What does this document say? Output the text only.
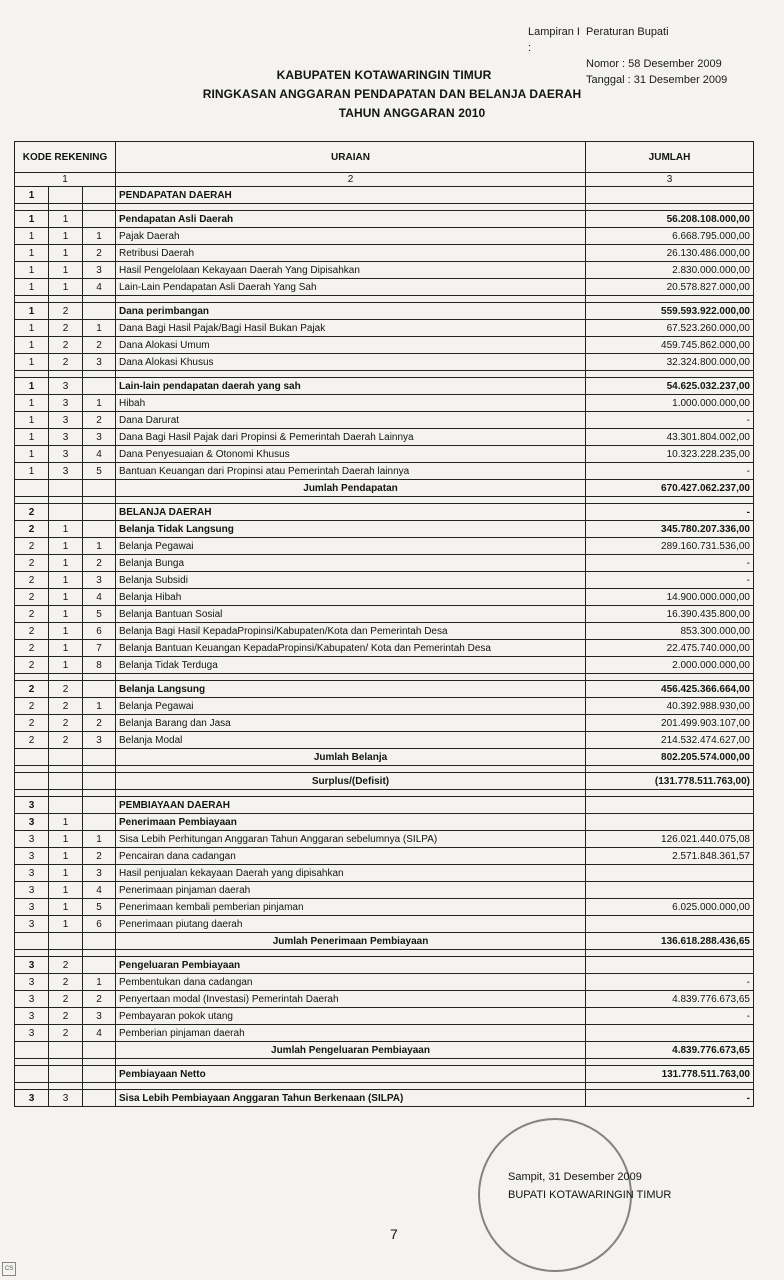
Lampiran I :
Peraturan Bupati
Nomor : 58 Desember 2009
Tanggal : 31 Desember 2009
KABUPATEN KOTAWARINGIN TIMUR
RINGKASAN ANGGARAN PENDAPATAN DAN BELANJA DAERAH
TAHUN ANGGARAN 2010
KODE REKENING			URAIAN	JUMLAH
1			2	3
1			PENDAPATAN DAERAH	

1	1		Pendapatan Asli Daerah	56.208.108.000,00
1	1	1	Pajak Daerah	6.668.795.000,00
1	1	2	Retribusi Daerah	26.130.486.000,00
1	1	3	Hasil Pengelolaan Kekayaan Daerah Yang Dipisahkan	2.830.000.000,00
1	1	4	Lain-Lain Pendapatan Asli Daerah Yang Sah	20.578.827.000,00

1	2		Dana perimbangan	559.593.922.000,00
1	2	1	Dana Bagi Hasil Pajak/Bagi Hasil Bukan Pajak	67.523.260.000,00
1	2	2	Dana Alokasi Umum	459.745.862.000,00
1	2	3	Dana Alokasi Khusus	32.324.800.000,00

1	3		Lain-lain pendapatan daerah yang sah	54.625.032.237,00
1	3	1	Hibah	1.000.000.000,00
1	3	2	Dana Darurat	-
1	3	3	Dana Bagi Hasil Pajak dari Propinsi & Pemerintah Daerah Lainnya	43.301.804.002,00
1	3	4	Dana Penyesuaian & Otonomi Khusus	10.323.228.235,00
1	3	5	Bantuan Keuangan dari Propinsi atau Pemerintah Daerah lainnya	-
			Jumlah Pendapatan	670.427.062.237,00

2			BELANJA DAERAH	-
2	1		Belanja Tidak Langsung	345.780.207.336,00
2	1	1	Belanja Pegawai	289.160.731.536,00
2	1	2	Belanja Bunga	-
2	1	3	Belanja Subsidi	-
2	1	4	Belanja Hibah	14.900.000.000,00
2	1	5	Belanja Bantuan Sosial	16.390.435.800,00
2	1	6	Belanja Bagi Hasil KepadaPropinsi/Kabupaten/Kota dan Pemerintah Desa	853.300.000,00
2	1	7	Belanja Bantuan Keuangan KepadaPropinsi/Kabupaten/ Kota dan Pemerintah Desa	22.475.740.000,00
2	1	8	Belanja Tidak Terduga	2.000.000.000,00

2	2		Belanja Langsung	456.425.366.664,00
2	2	1	Belanja Pegawai	40.392.988.930,00
2	2	2	Belanja Barang dan Jasa	201.499.903.107,00
2	2	3	Belanja Modal	214.532.474.627,00
			Jumlah Belanja	802.205.574.000,00

			Surplus/(Defisit)	(131.778.511.763,00)

3			PEMBIAYAAN DAERAH	
3	1		Penerimaan Pembiayaan	
3	1	1	Sisa Lebih Perhitungan Anggaran Tahun Anggaran sebelumnya (SILPA)	126.021.440.075,08
3	1	2	Pencairan dana cadangan	2.571.848.361,57
3	1	3	Hasil penjualan kekayaan Daerah yang dipisahkan	
3	1	4	Penerimaan pinjaman daerah	
3	1	5	Penerimaan kembali pemberian pinjaman	6.025.000.000,00
3	1	6	Penerimaan piutang daerah	
			Jumlah Penerimaan Pembiayaan	136.618.288.436,65

3	2		Pengeluaran Pembiayaan	
3	2	1	Pembentukan dana cadangan	-
3	2	2	Penyertaan modal (Investasi) Pemerintah Daerah	4.839.776.673,65
3	2	3	Pembayaran pokok utang	-
3	2	4	Pemberian pinjaman daerah	
			Jumlah Pengeluaran Pembiayaan	4.839.776.673,65

			Pembiayaan Netto	131.778.511.763,00

3	3		Sisa Lebih Pembiayaan Anggaran Tahun Berkenaan (SILPA)	-
Sampit, 31 Desember 2009
BUPATI KOTAWARINGIN TIMUR
7
CS
